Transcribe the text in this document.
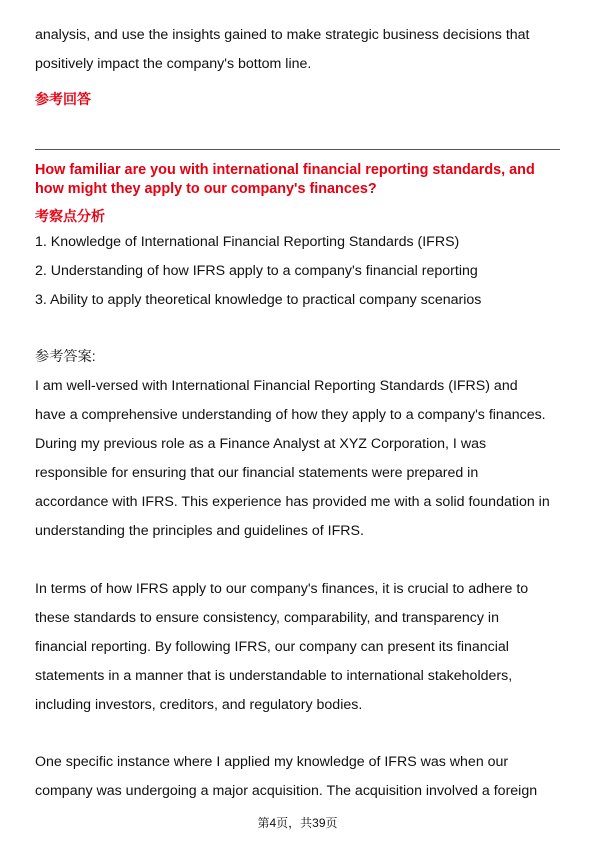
analysis, and use the insights gained to make strategic business decisions that
positively impact the company's bottom line.
参考回答
How familiar are you with international financial reporting standards, and
how might they apply to our company's finances?
考察点分析
1. Knowledge of International Financial Reporting Standards (IFRS)
2. Understanding of how IFRS apply to a company's financial reporting
3. Ability to apply theoretical knowledge to practical company scenarios
参考答案:
I am well-versed with International Financial Reporting Standards (IFRS) and
have a comprehensive understanding of how they apply to a company's finances.
During my previous role as a Finance Analyst at XYZ Corporation, I was
responsible for ensuring that our financial statements were prepared in
accordance with IFRS. This experience has provided me with a solid foundation in
understanding the principles and guidelines of IFRS.
In terms of how IFRS apply to our company's finances, it is crucial to adhere to
these standards to ensure consistency, comparability, and transparency in
financial reporting. By following IFRS, our company can present its financial
statements in a manner that is understandable to international stakeholders,
including investors, creditors, and regulatory bodies.
One specific instance where I applied my knowledge of IFRS was when our
company was undergoing a major acquisition. The acquisition involved a foreign
第4页，共39页
